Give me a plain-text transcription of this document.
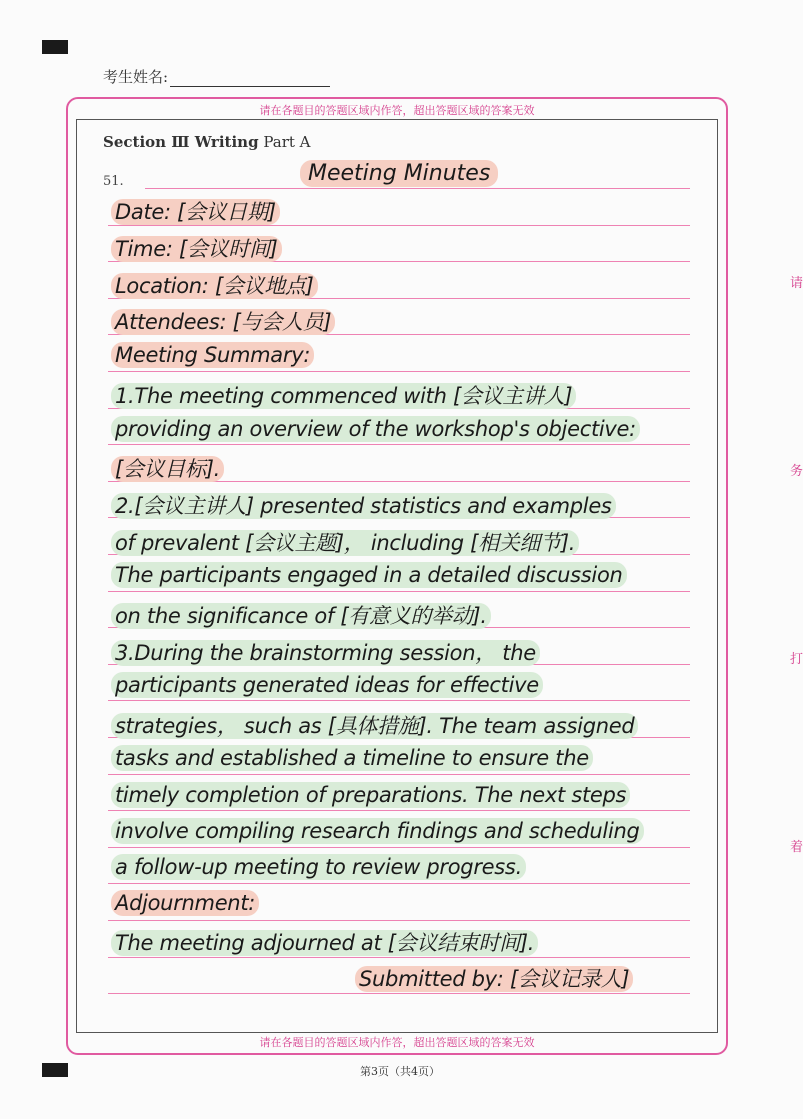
考生姓名:
请在各题目的答题区域内作答，超出答题区域的答案无效
请在各题目的答题区域内作答，超出答题区域的答案无效
Section Ⅲ Writing Part A
51.	Meeting Minutes
Date: [会议日期]
Time: [会议时间]
Location: [会议地点]
Attendees: [与会人员]
Meeting Summary:
1.The meeting commenced with [会议主讲人]
providing an overview of the workshop's objective:
[会议目标].
2.[会议主讲人] presented statistics and examples
of prevalent [会议主题]， including [相关细节].
The participants engaged in a detailed discussion
on the significance of [有意义的举动].
3.During the brainstorming session， the
participants generated ideas for effective
strategies， such as [具体措施]. The team assigned
tasks and established a timeline to ensure the
timely completion of preparations. The next steps
involve compiling research findings and scheduling
a follow-up meeting to review progress.
Adjournment:
The meeting adjourned at [会议结束时间].
Submitted by: [会议记录人]
请
务
打
着
第3页（共4页）
